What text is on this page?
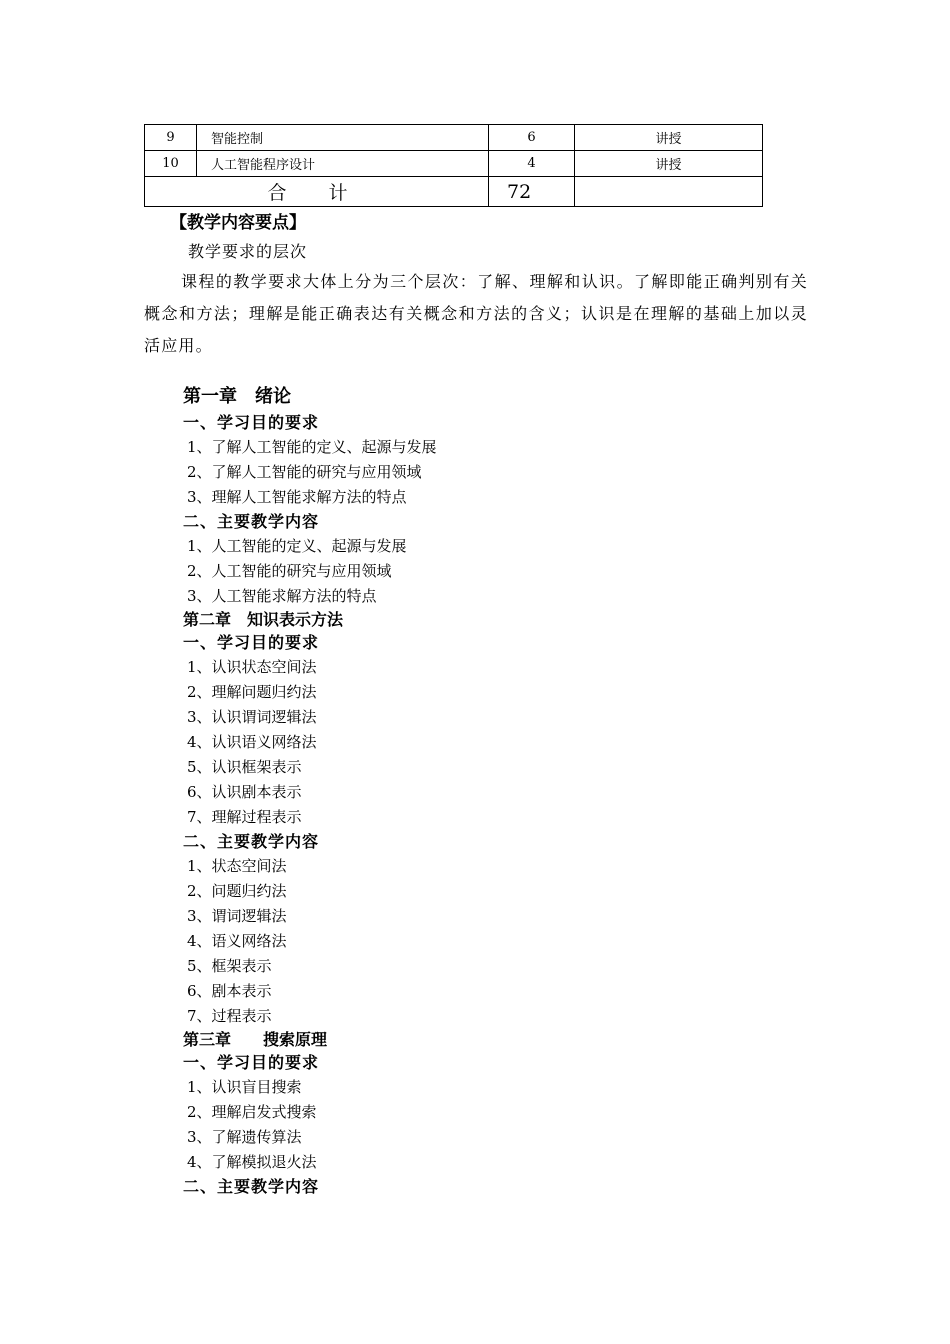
9	智能控制	6	讲授
10	人工智能程序设计	4	讲授
合 计		72	
【教学内容要点】
教学要求的层次
课程的教学要求大体上分为三个层次：了解、理解和认识。了解即能正确判别有关概念和方法；理解是能正确表达有关概念和方法的含义；认识是在理解的基础上加以灵活应用。
第一章　绪论
一、学习目的要求
1、了解人工智能的定义、起源与发展
2、了解人工智能的研究与应用领域
3、理解人工智能求解方法的特点
二、主要教学内容
1、人工智能的定义、起源与发展
2、人工智能的研究与应用领域
3、人工智能求解方法的特点
第二章　知识表示方法
一、学习目的要求
1、认识状态空间法
2、理解问题归约法
3、认识谓词逻辑法
4、认识语义网络法
5、认识框架表示
6、认识剧本表示
7、理解过程表示
二、主要教学内容
1、状态空间法
2、问题归约法
3、谓词逻辑法
4、语义网络法
5、框架表示
6、剧本表示
7、过程表示
第三章　　搜索原理
一、学习目的要求
1、认识盲目搜索
2、理解启发式搜索
3、了解遗传算法
4、了解模拟退火法
二、主要教学内容
